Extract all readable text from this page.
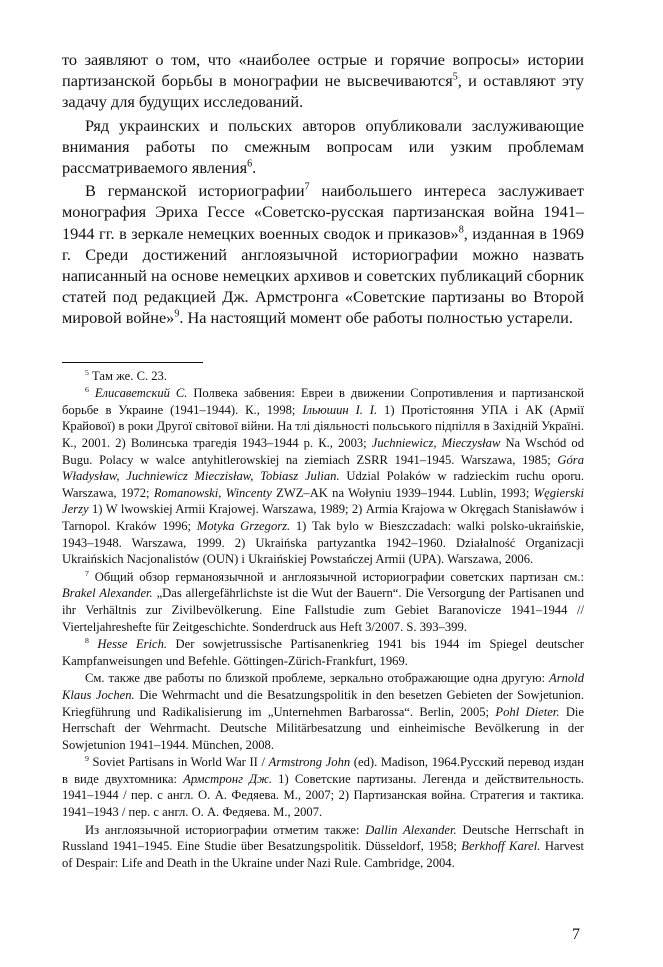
то заявляют о том, что «наиболее острые и горячие вопросы» истории партизанской борьбы в монографии не высвечиваются$^5$, и оставляют эту задачу для будущих исследований.

Ряд украинских и польских авторов опубликовали заслуживающие внимания работы по смежным вопросам или узким проблемам рассматриваемого явления$^6$.

В германской историографии$^7$ наибольшего интереса заслуживает монография Эриха Гессе «Советско-русская партизанская война 1941–1944 гг. в зеркале немецких военных сводок и приказов»$^8$, изданная в 1969 г. Среди достижений англоязычной историографии можно назвать написанный на основе немецких архивов и советских публикаций сборник статей под редакцией Дж. Армстронга «Советские партизаны во Второй мировой войне»$^9$. На настоящий момент обе работы полностью устарели.

$^5$ Там же. С. 23.

$^6$ Елисаветский С. Полвека забвения: Евреи в движении Сопротивления и партизанской борьбе в Украине (1941–1944). К., 1998; Ільюшин І. І. 1) Протістояння УПА і АК (Армії Крайової) в роки Другої світової війни. На тлі діяльності польського підпілля в Західній Україні. К., 2001. 2) Волинська трагедія 1943–1944 р. К., 2003; Juchniewicz, Mieczysław Na Wschód od Bugu. Polacy w walce antyhitlerowskiej na ziemiach ZSRR 1941–1945. Warszawa, 1985; Góra Władysław, Juchniewicz Mieczisław, Tobiasz Julian. Udzial Polaków w radzieckim ruchu oporu. Warszawa, 1972; Romanowski, Wincenty ZWZ–AK na Wołyniu 1939–1944. Lublin, 1993; Węgierski Jerzy 1) W lwowskiej Armii Krajowej. Warszawa, 1989; 2) Armia Krajowa w Okręgach Stanisławów i Tarnopol. Kraków 1996; Motyka Grzegorz. 1) Tak bylo w Bieszczadach: walki polsko-ukraińskie, 1943–1948. Warszawa, 1999. 2) Ukraińska partyzantka 1942–1960. Działalność Organizacji Ukraińskich Nacjonalistów (OUN) i Ukraińskiej Powstańczej Armii (UPA). Warszawa, 2006.

$^7$ Общий обзор германоязычной и англоязычной историографии советских партизан см.: Brakel Alexander. „Das allergefährlichste ist die Wut der Bauern“. Die Versorgung der Partisanen und ihr Verhältnis zur Zivilbevölkerung. Eine Fallstudie zum Gebiet Baranovicze 1941–1944 // Vierteljahreshefte für Zeitgeschichte. Sonderdruck aus Heft 3/2007. S. 393–399.

$^8$ Hesse Erich. Der sowjetrussische Partisanenkrieg 1941 bis 1944 im Spiegel deutscher Kampfanweisungen und Befehle. Göttingen-Zürich-Frankfurt, 1969.

См. также две работы по близкой проблеме, зеркально отображающие одна другую: Arnold Klaus Jochen. Die Wehrmacht und die Besatzungspolitik in den besetzen Gebieten der Sowjetunion. Kriegführung und Radikalisierung im „Unternehmen Barbarossa“. Berlin, 2005; Pohl Dieter. Die Herrschaft der Wehrmacht. Deutsche Militärbesatzung und einheimische Bevölkerung in der Sowjetunion 1941–1944. München, 2008.

$^9$ Soviet Partisans in World War II / Armstrong John (ed). Madison, 1964.Русский перевод издан в виде двухтомника: Армстронг Дж. 1) Советские партизаны. Легенда и действительность. 1941–1944 / пер. с англ. О. А. Федяева. М., 2007; 2) Партизанская война. Стратегия и тактика. 1941–1943 / пер. с англ. О. А. Федяева. М., 2007.

Из англоязычной историографии отметим также: Dallin Alexander. Deutsche Herrschaft in Russland 1941–1945. Eine Studie über Besatzungspolitik. Düsseldorf, 1958; Berkhoff Karel. Harvest of Despair: Life and Death in the Ukraine under Nazi Rule. Cambridge, 2004.

7
